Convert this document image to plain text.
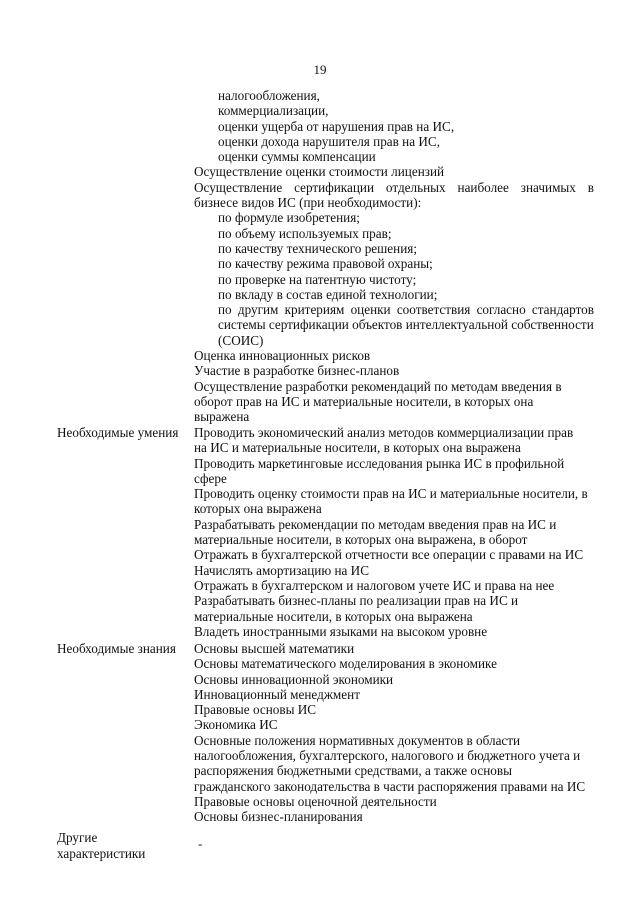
19
налогообложения,
коммерциализации,
оценки ущерба от нарушения прав на ИС,
оценки дохода нарушителя прав на ИС,
оценки суммы компенсации
Осуществление оценки стоимости лицензий
Осуществление сертификации отдельных наиболее значимых в
бизнесе видов ИС (при необходимости):
по формуле изобретения;
по объему используемых прав;
по качеству технического решения;
по качеству режима правовой охраны;
по проверке на патентную чистоту;
по вкладу в состав единой технологии;
по другим критериям оценки соответствия согласно стандартов
системы сертификации объектов интеллектуальной собственности
(СОИС)
Оценка инновационных рисков
Участие в разработке бизнес-планов
Осуществление разработки рекомендаций по методам введения в
оборот прав на ИС и материальные носители, в которых она
выражена
Необходимые умения	Проводить экономический анализ методов коммерциализации прав
на ИС и материальные носители, в которых она выражена
Проводить маркетинговые исследования рынка ИС в профильной
сфере
Проводить оценку стоимости прав на ИС и материальные носители, в
которых она выражена
Разрабатывать рекомендации по методам введения прав на ИС и
материальные носители, в которых она выражена, в оборот
Отражать в бухгалтерской отчетности все операции с правами на ИС
Начислять амортизацию на ИС
Отражать в бухгалтерском и налоговом учете ИС и права на нее
Разрабатывать бизнес-планы по реализации прав на ИС и
материальные носители, в которых она выражена
Владеть иностранными языками на высоком уровне
Необходимые знания	Основы высшей математики
Основы математического моделирования в экономике
Основы инновационной экономики
Инновационный менеджмент
Правовые основы ИС
Экономика ИС
Основные положения нормативных документов в области
налогообложения, бухгалтерского, налогового и бюджетного учета и
распоряжения бюджетными средствами, а также основы
гражданского законодательства в части распоряжения правами на ИС
Правовые основы оценочной деятельности
Основы бизнес-планирования
Другие
характеристики
-
